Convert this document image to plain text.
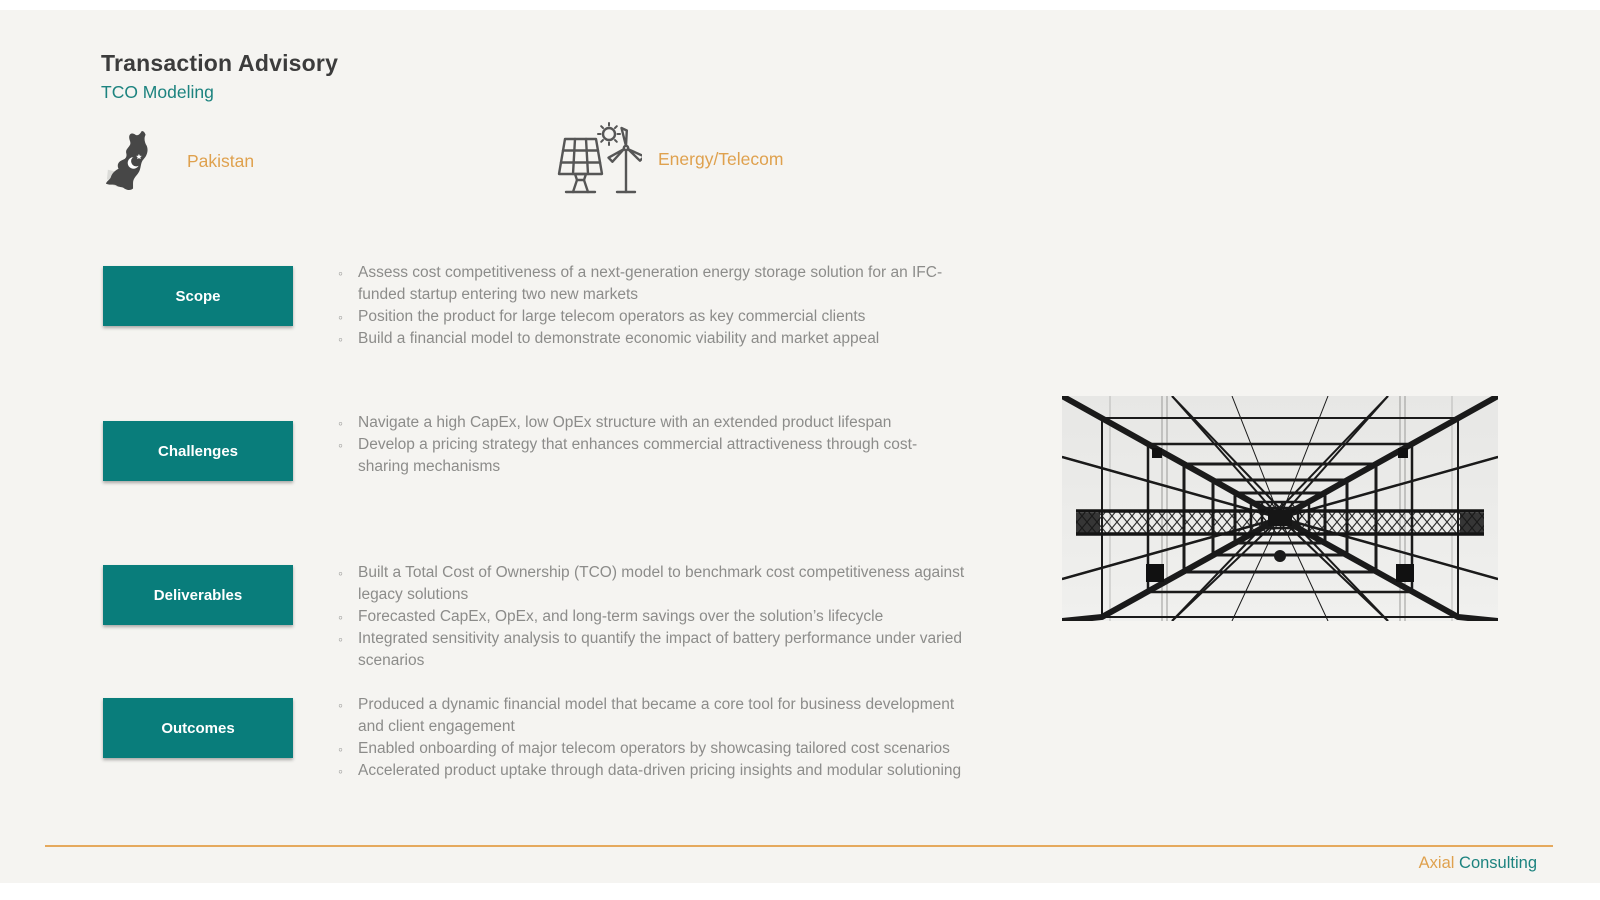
Transaction Advisory
TCO Modeling
Pakistan	Energy/Telecom
Scope
Challenges
Deliverables
Outcomes
◦ Assess cost competitiveness of a next-generation energy storage solution for an IFC-funded startup entering two new markets
◦ Position the product for large telecom operators as key commercial clients
◦ Build a financial model to demonstrate economic viability and market appeal
◦ Navigate a high CapEx, low OpEx structure with an extended product lifespan
◦ Develop a pricing strategy that enhances commercial attractiveness through cost-sharing mechanisms
◦ Built a Total Cost of Ownership (TCO) model to benchmark cost competitiveness against legacy solutions
◦ Forecasted CapEx, OpEx, and long-term savings over the solution’s lifecycle
◦ Integrated sensitivity analysis to quantify the impact of battery performance under varied scenarios
◦ Produced a dynamic financial model that became a core tool for business development and client engagement
◦ Enabled onboarding of major telecom operators by showcasing tailored cost scenarios
◦ Accelerated product uptake through data-driven pricing insights and modular solutioning
Axial Consulting
